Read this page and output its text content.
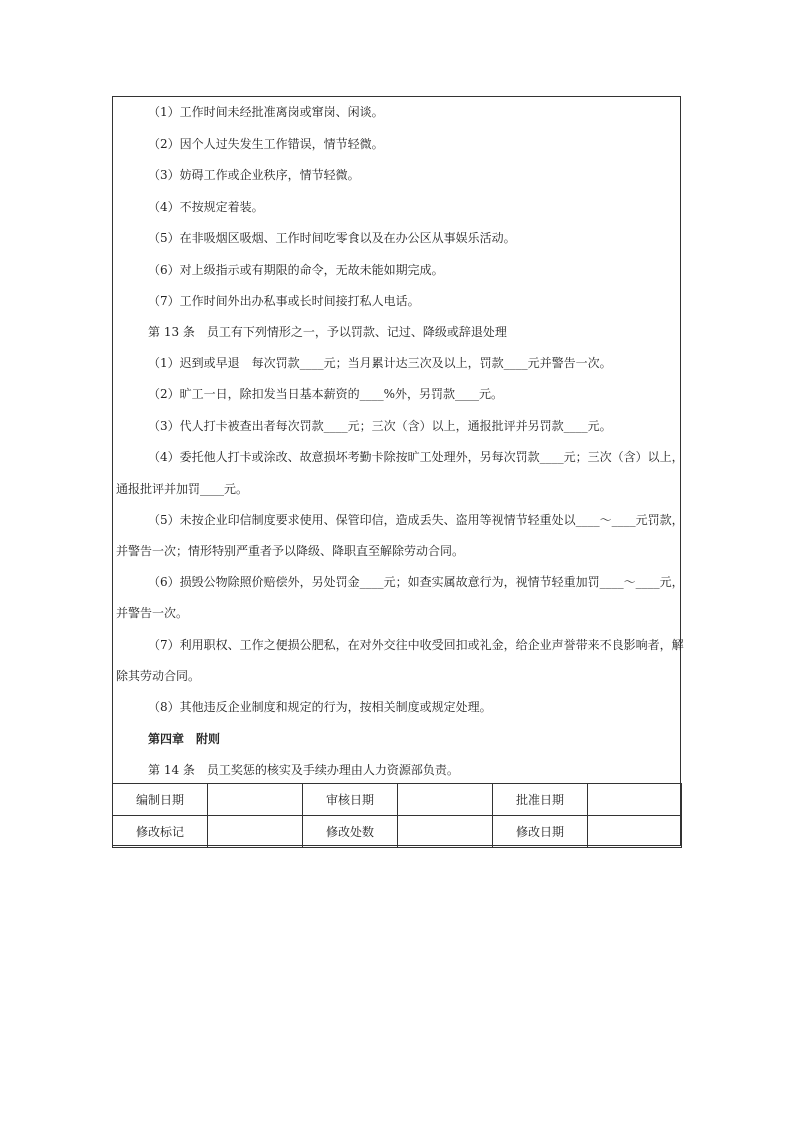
（1）工作时间未经批准离岗或窜岗、闲谈。
（2）因个人过失发生工作错误，情节轻微。
（3）妨碍工作或企业秩序，情节轻微。
（4）不按规定着装。
（5）在非吸烟区吸烟、工作时间吃零食以及在办公区从事娱乐活动。
（6）对上级指示或有期限的命令，无故未能如期完成。
（7）工作时间外出办私事或长时间接打私人电话。
第 13 条　员工有下列情形之一，予以罚款、记过、降级或辞退处理
（1）迟到或早退　每次罚款____元；当月累计达三次及以上，罚款____元并警告一次。
（2）旷工一日，除扣发当日基本薪资的____%外，另罚款____元。
（3）代人打卡被查出者每次罚款____元；三次（含）以上，通报批评并另罚款____元。
（4）委托他人打卡或涂改、故意损坏考勤卡除按旷工处理外，另每次罚款____元；三次（含）以上，
通报批评并加罚____元。
（5）未按企业印信制度要求使用、保管印信，造成丢失、盗用等视情节轻重处以____～____元罚款，
并警告一次；情形特别严重者予以降级、降职直至解除劳动合同。
（6）损毁公物除照价赔偿外，另处罚金____元；如查实属故意行为，视情节轻重加罚____～____元，
并警告一次。
（7）利用职权、工作之便损公肥私，在对外交往中收受回扣或礼金，给企业声誉带来不良影响者，解
除其劳动合同。
（8）其他违反企业制度和规定的行为，按相关制度或规定处理。
第四章　附则
第 14 条　员工奖惩的核实及手续办理由人力资源部负责。
编制日期		审核日期		批准日期	
修改标记		修改处数		修改日期	
